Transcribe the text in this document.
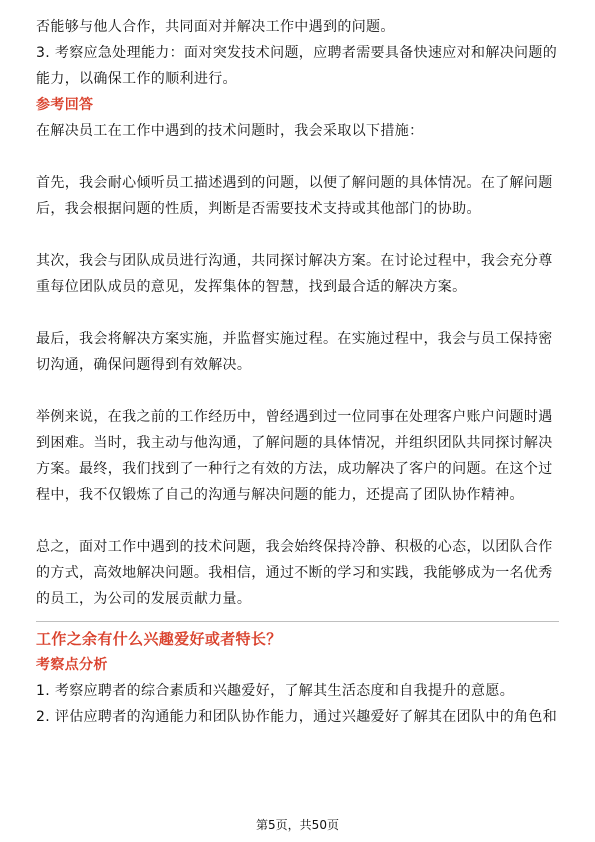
否能够与他人合作，共同面对并解决工作中遇到的问题。

3. 考察应急处理能力：面对突发技术问题，应聘者需要具备快速应对和解决问题的能力，以确保工作的顺利进行。

参考回答

在解决员工在工作中遇到的技术问题时，我会采取以下措施：

首先，我会耐心倾听员工描述遇到的问题，以便了解问题的具体情况。在了解问题后，我会根据问题的性质，判断是否需要技术支持或其他部门的协助。

其次，我会与团队成员进行沟通，共同探讨解决方案。在讨论过程中，我会充分尊重每位团队成员的意见，发挥集体的智慧，找到最合适的解决方案。

最后，我会将解决方案实施，并监督实施过程。在实施过程中，我会与员工保持密切沟通，确保问题得到有效解决。

举例来说，在我之前的工作经历中，曾经遇到过一位同事在处理客户账户问题时遇到困难。当时，我主动与他沟通，了解问题的具体情况，并组织团队共同探讨解决方案。最终，我们找到了一种行之有效的方法，成功解决了客户的问题。在这个过程中，我不仅锻炼了自己的沟通与解决问题的能力，还提高了团队协作精神。

总之，面对工作中遇到的技术问题，我会始终保持冷静、积极的心态，以团队合作的方式，高效地解决问题。我相信，通过不断的学习和实践，我能够成为一名优秀的员工，为公司的发展贡献力量。

工作之余有什么兴趣爱好或者特长？
考察点分析

1. 考察应聘者的综合素质和兴趣爱好，了解其生活态度和自我提升的意愿。

2. 评估应聘者的沟通能力和团队协作能力，通过兴趣爱好了解其在团队中的角色和

第5页，共50页
